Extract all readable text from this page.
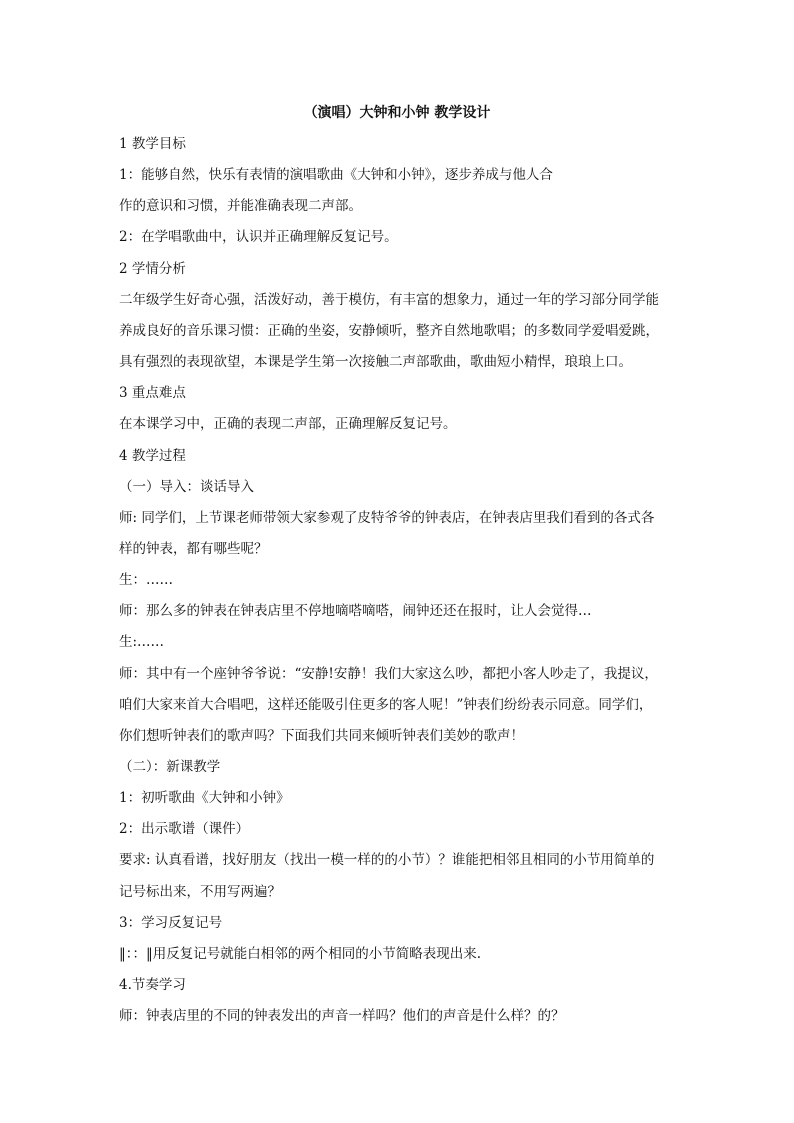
（演唱）大钟和小钟 教学设计
1 教学目标
1：能够自然，快乐有表情的演唱歌曲《大钟和小钟》，逐步养成与他人合
作的意识和习惯，并能准确表现二声部。
2：在学唱歌曲中，认识并正确理解反复记号。
2 学情分析
二年级学生好奇心强，活泼好动，善于模仿，有丰富的想象力，通过一年的学习部分同学能
养成良好的音乐课习惯：正确的坐姿，安静倾听，整齐自然地歌唱；的多数同学爱唱爱跳，
具有强烈的表现欲望，本课是学生第一次接触二声部歌曲，歌曲短小精悍，琅琅上口。
3 重点难点
在本课学习中，正确的表现二声部，正确理解反复记号。
4 教学过程
（一）导入：谈话导入
师: 同学们，上节课老师带领大家参观了皮特爷爷的钟表店，在钟表店里我们看到的各式各
样的钟表，都有哪些呢？
生：……
师：那么多的钟表在钟表店里不停地嘀嗒嘀嗒，闹钟还还在报时，让人会觉得…
生:……
师：其中有一个座钟爷爷说：“安静!安静！我们大家这么吵，都把小客人吵走了，我提议，
咱们大家来首大合唱吧，这样还能吸引住更多的客人呢！”钟表们纷纷表示同意。同学们，
你们想听钟表们的歌声吗？下面我们共同来倾听钟表们美妙的歌声！
（二）：新课教学
1：初听歌曲《大钟和小钟》
2：出示歌谱（课件）
要求: 认真看谱，找好朋友（找出一模一样的的小节）？谁能把相邻且相同的小节用简单的
记号标出来，不用写两遍？
3：学习反复记号
‖：：‖用反复记号就能白相邻的两个相同的小节简略表现出来.
4.节奏学习
师：钟表店里的不同的钟表发出的声音一样吗？他们的声音是什么样？的？
